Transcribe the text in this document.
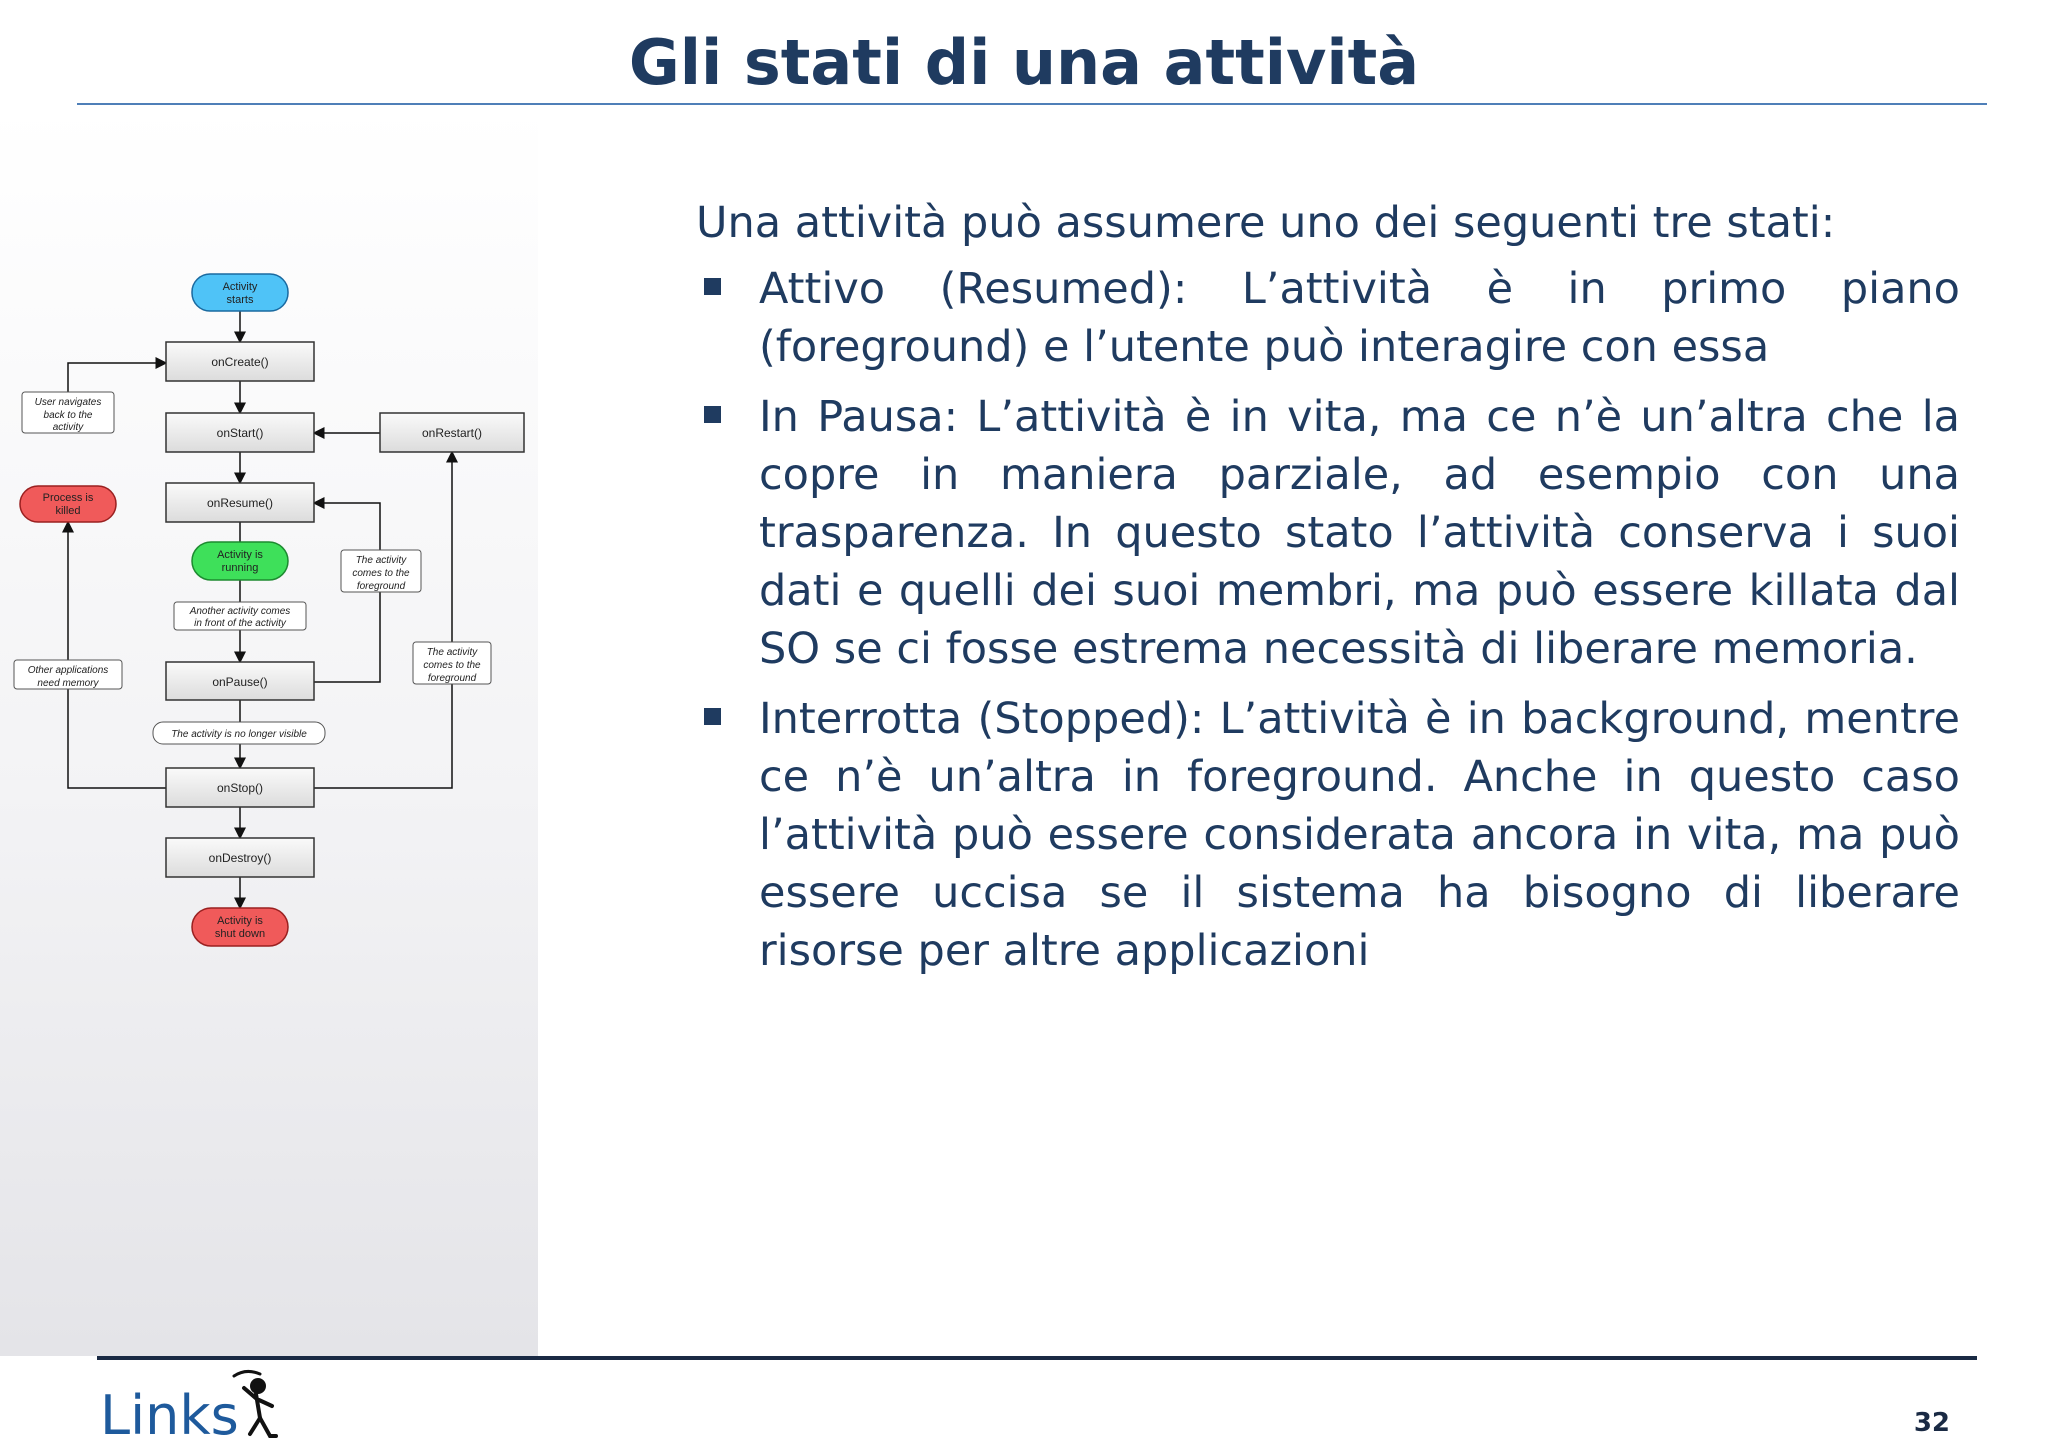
Gli stati di una attività
Activity
starts
onCreate()
onStart()	onRestart()
onResume()
Activity is
running
Another activity comes
in front of the activity
onPause()
The activity is no longer visible
onStop()
onDestroy()
Activity is
shut down
User navigates
back to the
activity
Process is
killed
Other applications
need memory
The activity
comes to the
foreground
The activity
comes to the
foreground

Una attività può assumere uno dei seguenti tre stati:

Attivo (Resumed): L’attività è in primo piano (foreground) e l’utente può interagire con essa
In Pausa: L’attività è in vita, ma ce n’è un’altra che la copre in maniera parziale, ad esempio con una trasparenza. In questo stato l’attività conserva i suoi dati e quelli dei suoi membri, ma può essere killata dal SO se ci fosse estrema necessità di liberare memoria.
Interrotta (Stopped): L’attività è in background, mentre ce n’è un’altra in foreground. Anche in questo caso l’attività può essere considerata ancora in vita, ma può essere uccisa se il sistema ha bisogno di liberare risorse per altre applicazioni
Links	32
